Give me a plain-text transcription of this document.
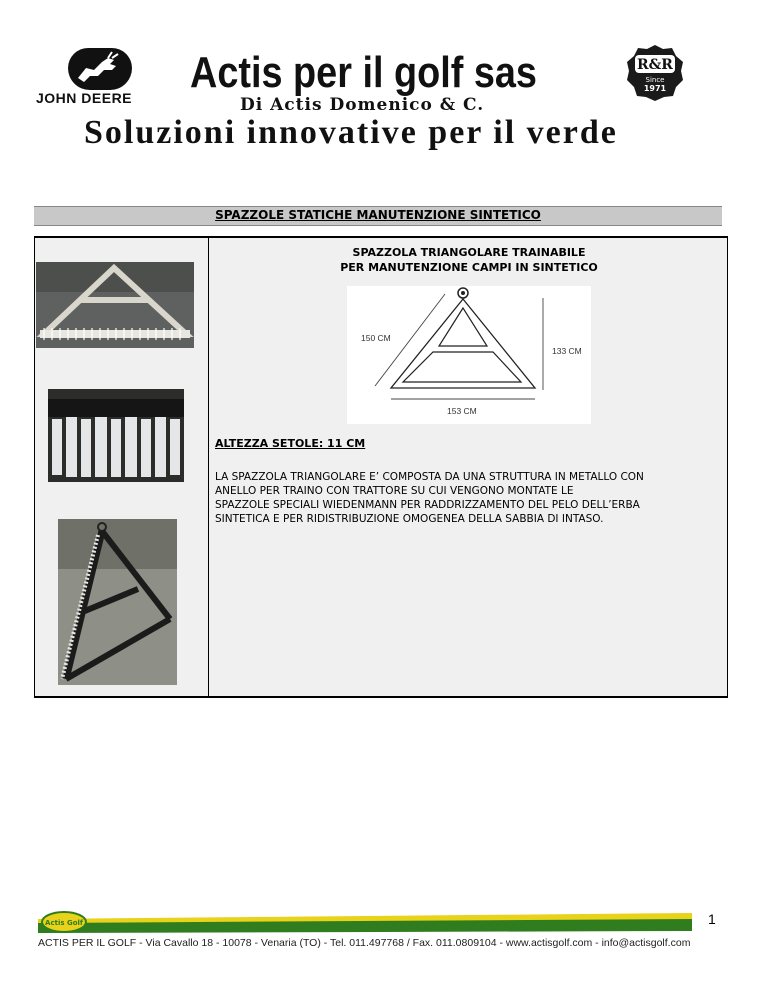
JOHN DEERE
Actis per il golf sas
Di Actis Domenico & C.
R&R
Since
1971
Soluzioni innovative per il verde
SPAZZOLE STATICHE MANUTENZIONE SINTETICO
SPAZZOLA TRIANGOLARE TRAINABILE
PER MANUTENZIONE CAMPI IN SINTETICO
150 CM
133 CM
153 CM
ALTEZZA SETOLE: 11 CM
LA SPAZZOLA TRIANGOLARE E’ COMPOSTA DA UNA STRUTTURA IN METALLO CON
ANELLO PER TRAINO CON TRATTORE SU CUI VENGONO MONTATE LE
SPAZZOLE SPECIALI WIEDENMANN PER RADDRIZZAMENTO DEL PELO DELL’ERBA
SINTETICA E PER RIDISTRIBUZIONE OMOGENEA DELLA SABBIA DI INTASO.
Actis Golf	1
ACTIS PER IL GOLF - Via Cavallo 18 - 10078 - Venaria (TO) - Tel. 011.497768 / Fax. 011.0809104 - www.actisgolf.com - info@actisgolf.com
